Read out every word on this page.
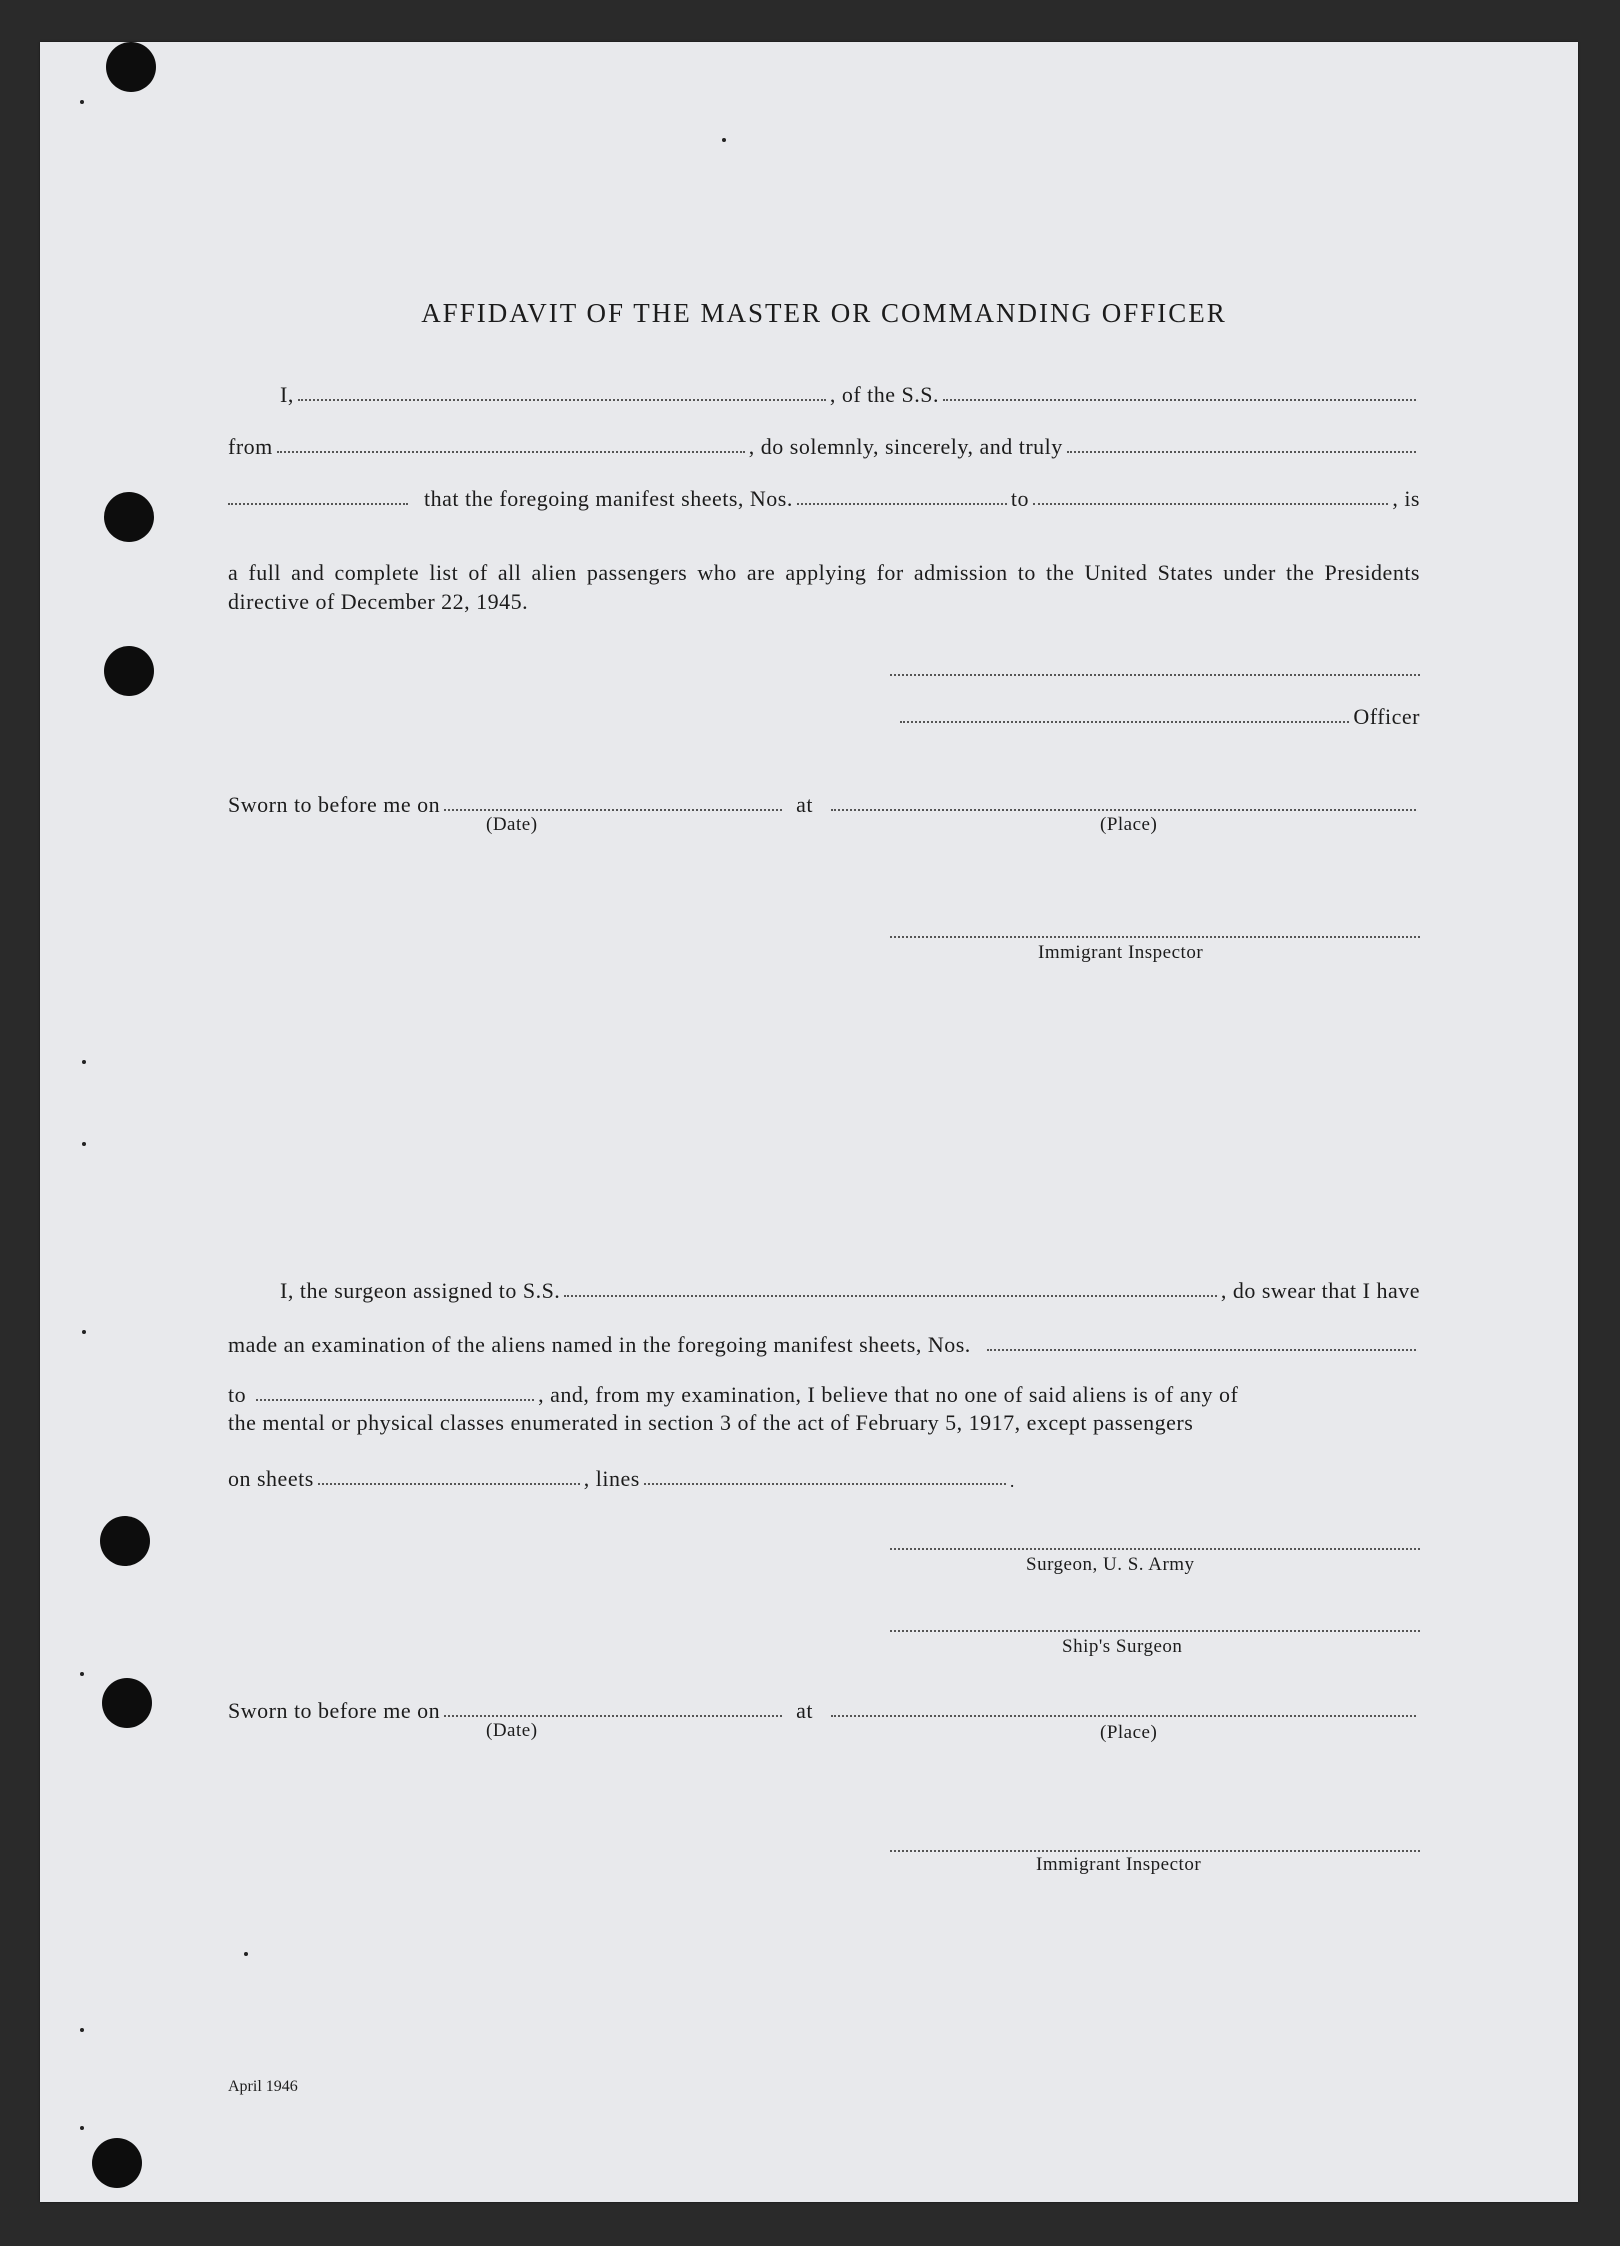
AFFIDAVIT OF THE MASTER OR COMMANDING OFFICER
I,	, of the S.S.
from	, do solemnly, sincerely, and truly
that the foregoing manifest sheets, Nos.	to	, is
a full and complete list of all alien passengers who are applying for admission to the United States under the Presidents directive of December 22, 1945.
Officer
Sworn to before me on	at
(Date)	(Place)
Immigrant Inspector
I, the surgeon assigned to S.S.	, do swear that I have
made an examination of the aliens named in the foregoing manifest sheets, Nos.
to	, and, from my examination, I believe that no one of said aliens is of any of
the mental or physical classes enumerated in section 3 of the act of February 5, 1917, except passengers
on sheets	, lines	.
Surgeon, U. S. Army
Ship's Surgeon
Sworn to before me on	at
(Date)	(Place)
Immigrant Inspector
April 1946
